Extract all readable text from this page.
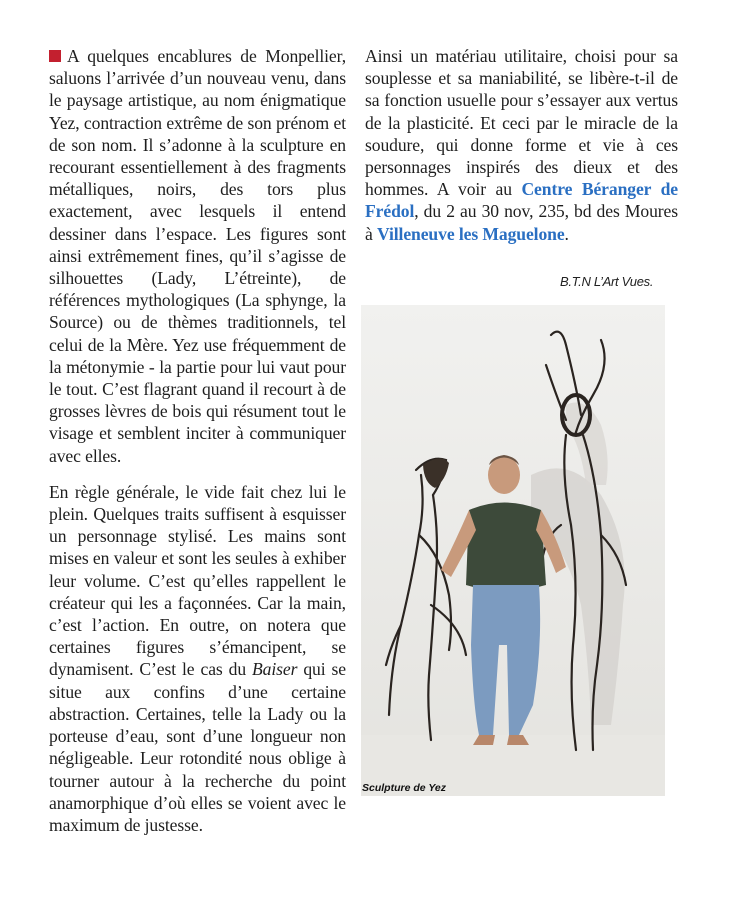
A quelques encablures de Monpellier, saluons l’arrivée d’un nouveau venu, dans le paysage artistique, au nom énigmatique Yez, contraction extrême de son prénom et de son nom. Il s’adonne à la sculpture en recourant essentiellement à des fragments métalliques, noirs, des tors plus exactement, avec lesquels il entend dessiner dans l’espace. Les figures sont ainsi extrêmement fines, qu’il s’agisse de silhouettes (Lady, L’étreinte), de références mythologiques (La sphynge, la Source) ou de thèmes traditionnels, tel celui de la Mère. Yez use fréquemment de la métonymie - la partie pour lui vaut pour le tout. C’est flagrant quand il recourt à de grosses lèvres de bois qui résument tout le visage et semblent inciter à communiquer avec elles.

En règle générale, le vide fait chez lui le plein. Quelques traits suffisent à esquisser un personnage stylisé. Les mains sont mises en valeur et sont les seules à exhiber leur volume. C’est qu’elles rappellent le créateur qui les a façonnées. Car la main, c’est l’action. En outre, on notera que certaines figures s’émancipent, se dynamisent. C’est le cas du Baiser qui se situe aux confins d’une certaine abstraction. Certaines, telle la Lady ou la porteuse d’eau, sont d’une longueur non négligeable. Leur rotondité nous oblige à tourner autour à la recherche du point anamorphique d’où elles se voient avec le maximum de justesse.

Ainsi un matériau utilitaire, choisi pour sa souplesse et sa maniabilité, se libère-t-il de sa fonction usuelle pour s’essayer aux vertus de la plasticité. Et ceci par le miracle de la soudure, qui donne forme et vie à ces personnages inspirés des dieux et des hommes. A voir au Centre Béranger de Frédol, du 2 au 30 nov, 235, bd des Moures à Villeneuve les Maguelone.

B.T.N L’Art Vues.
Sculpture de Yez
